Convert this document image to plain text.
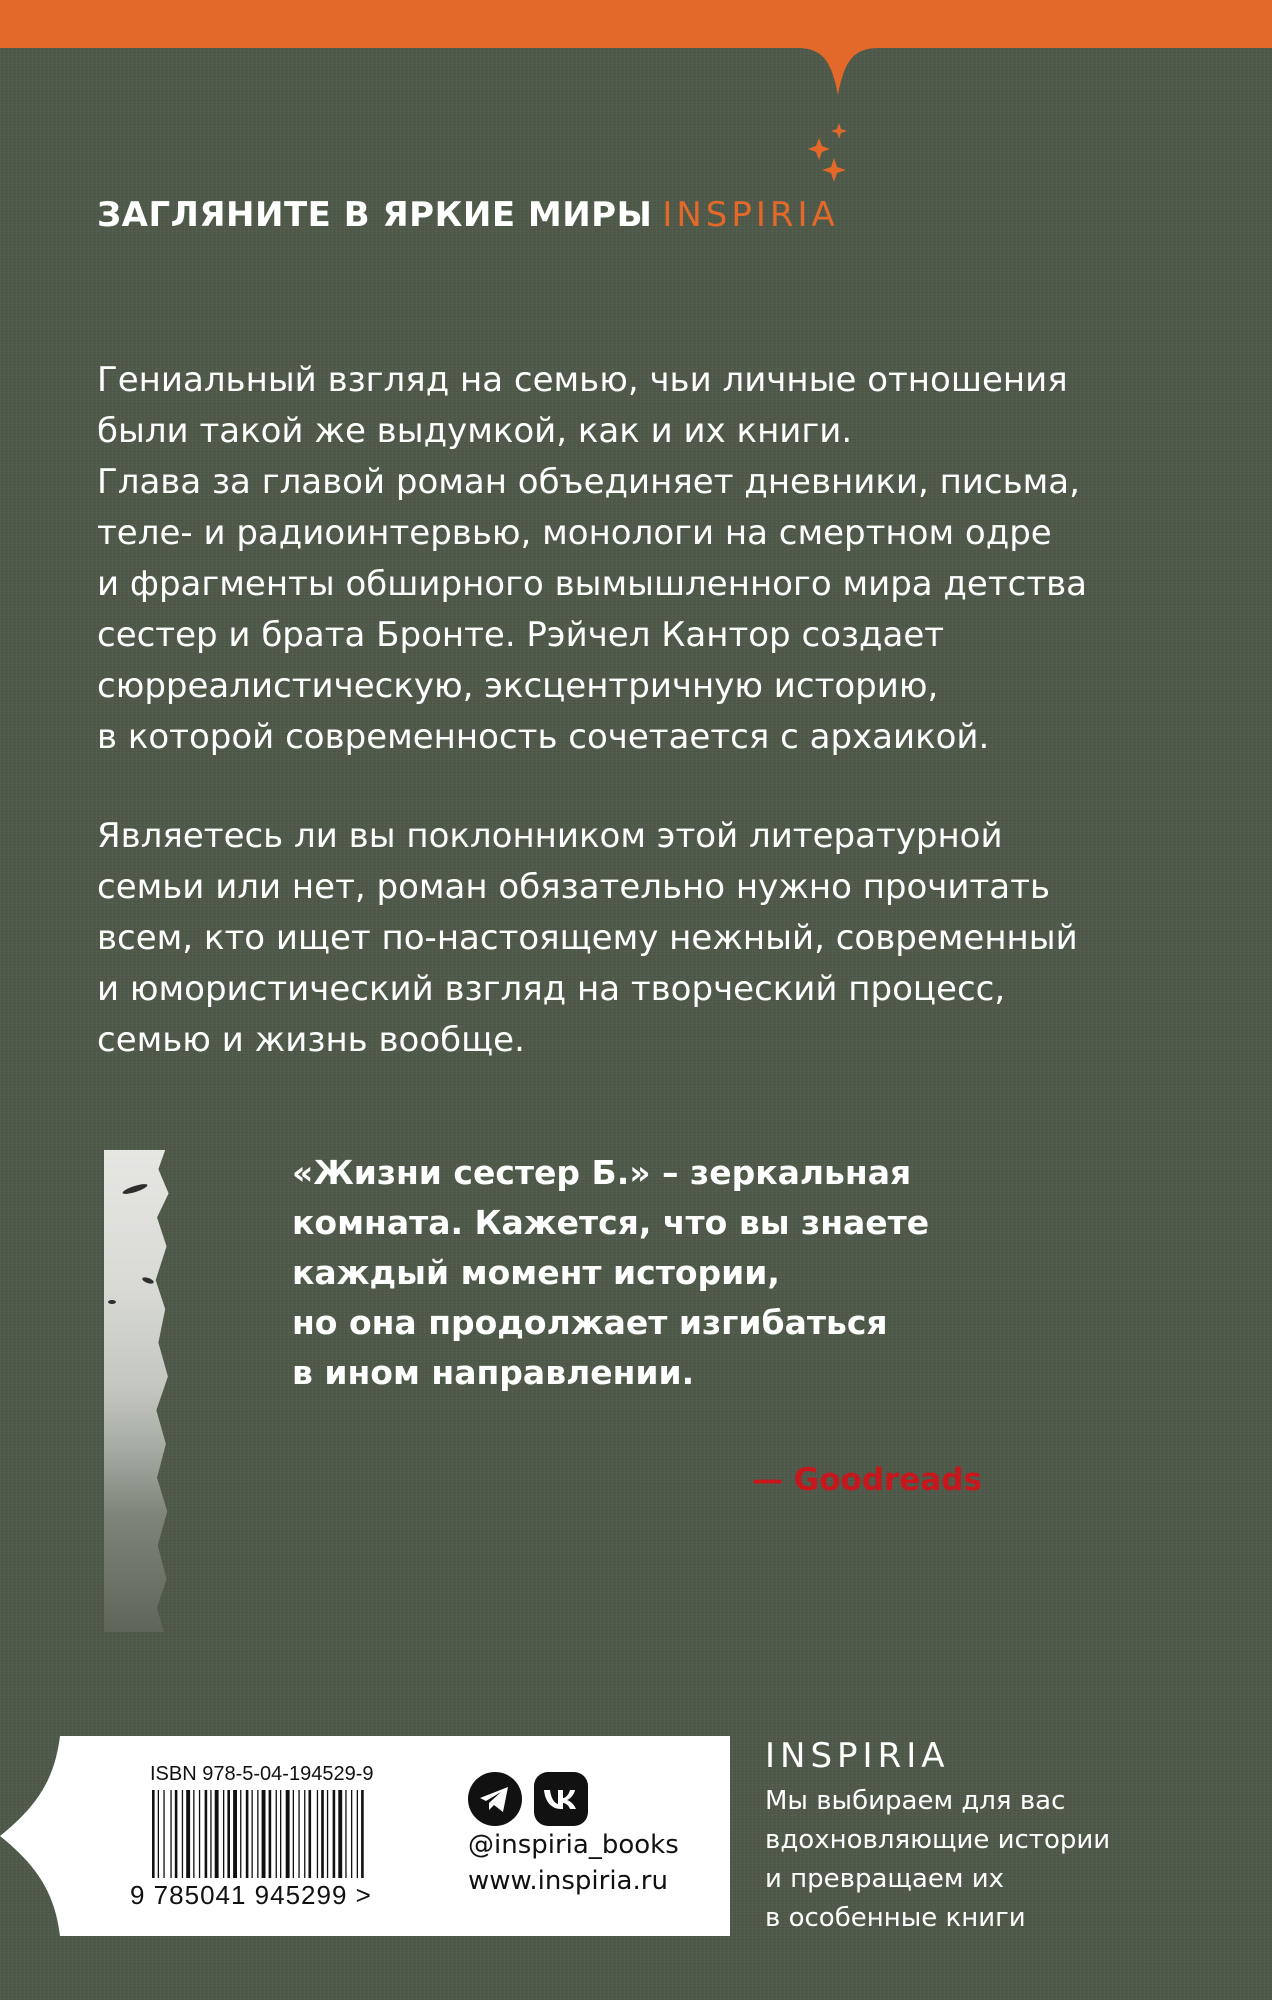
ЗАГЛЯНИТЕ В ЯРКИЕ МИРЫ INSPIRIA

Гениальный взгляд на семью, чьи личные отношения
были такой же выдумкой, как и их книги.
Глава за главой роман объединяет дневники, письма,
теле- и радиоинтервью, монологи на смертном одре
и фрагменты обширного вымышленного мира детства
сестер и брата Бронте. Рэйчел Кантор создает
сюрреалистическую, эксцентричную историю,
в которой современность сочетается с архаикой.

Являетесь ли вы поклонником этой литературной
семьи или нет, роман обязательно нужно прочитать
всем, кто ищет по-настоящему нежный, современный
и юмористический взгляд на творческий процесс,
семью и жизнь вообще.

«Жизни сестер Б.» – зеркальная
комната. Кажется, что вы знаете
каждый момент истории,
но она продолжает изгибаться
в ином направлении.
— Goodreads
ISBN 978-5-04-194529-9
9 785041 945299 >
@inspiria_books
www.inspiria.ru
INSPIRIA
Мы выбираем для вас
вдохновляющие истории
и превращаем их
в особенные книги
